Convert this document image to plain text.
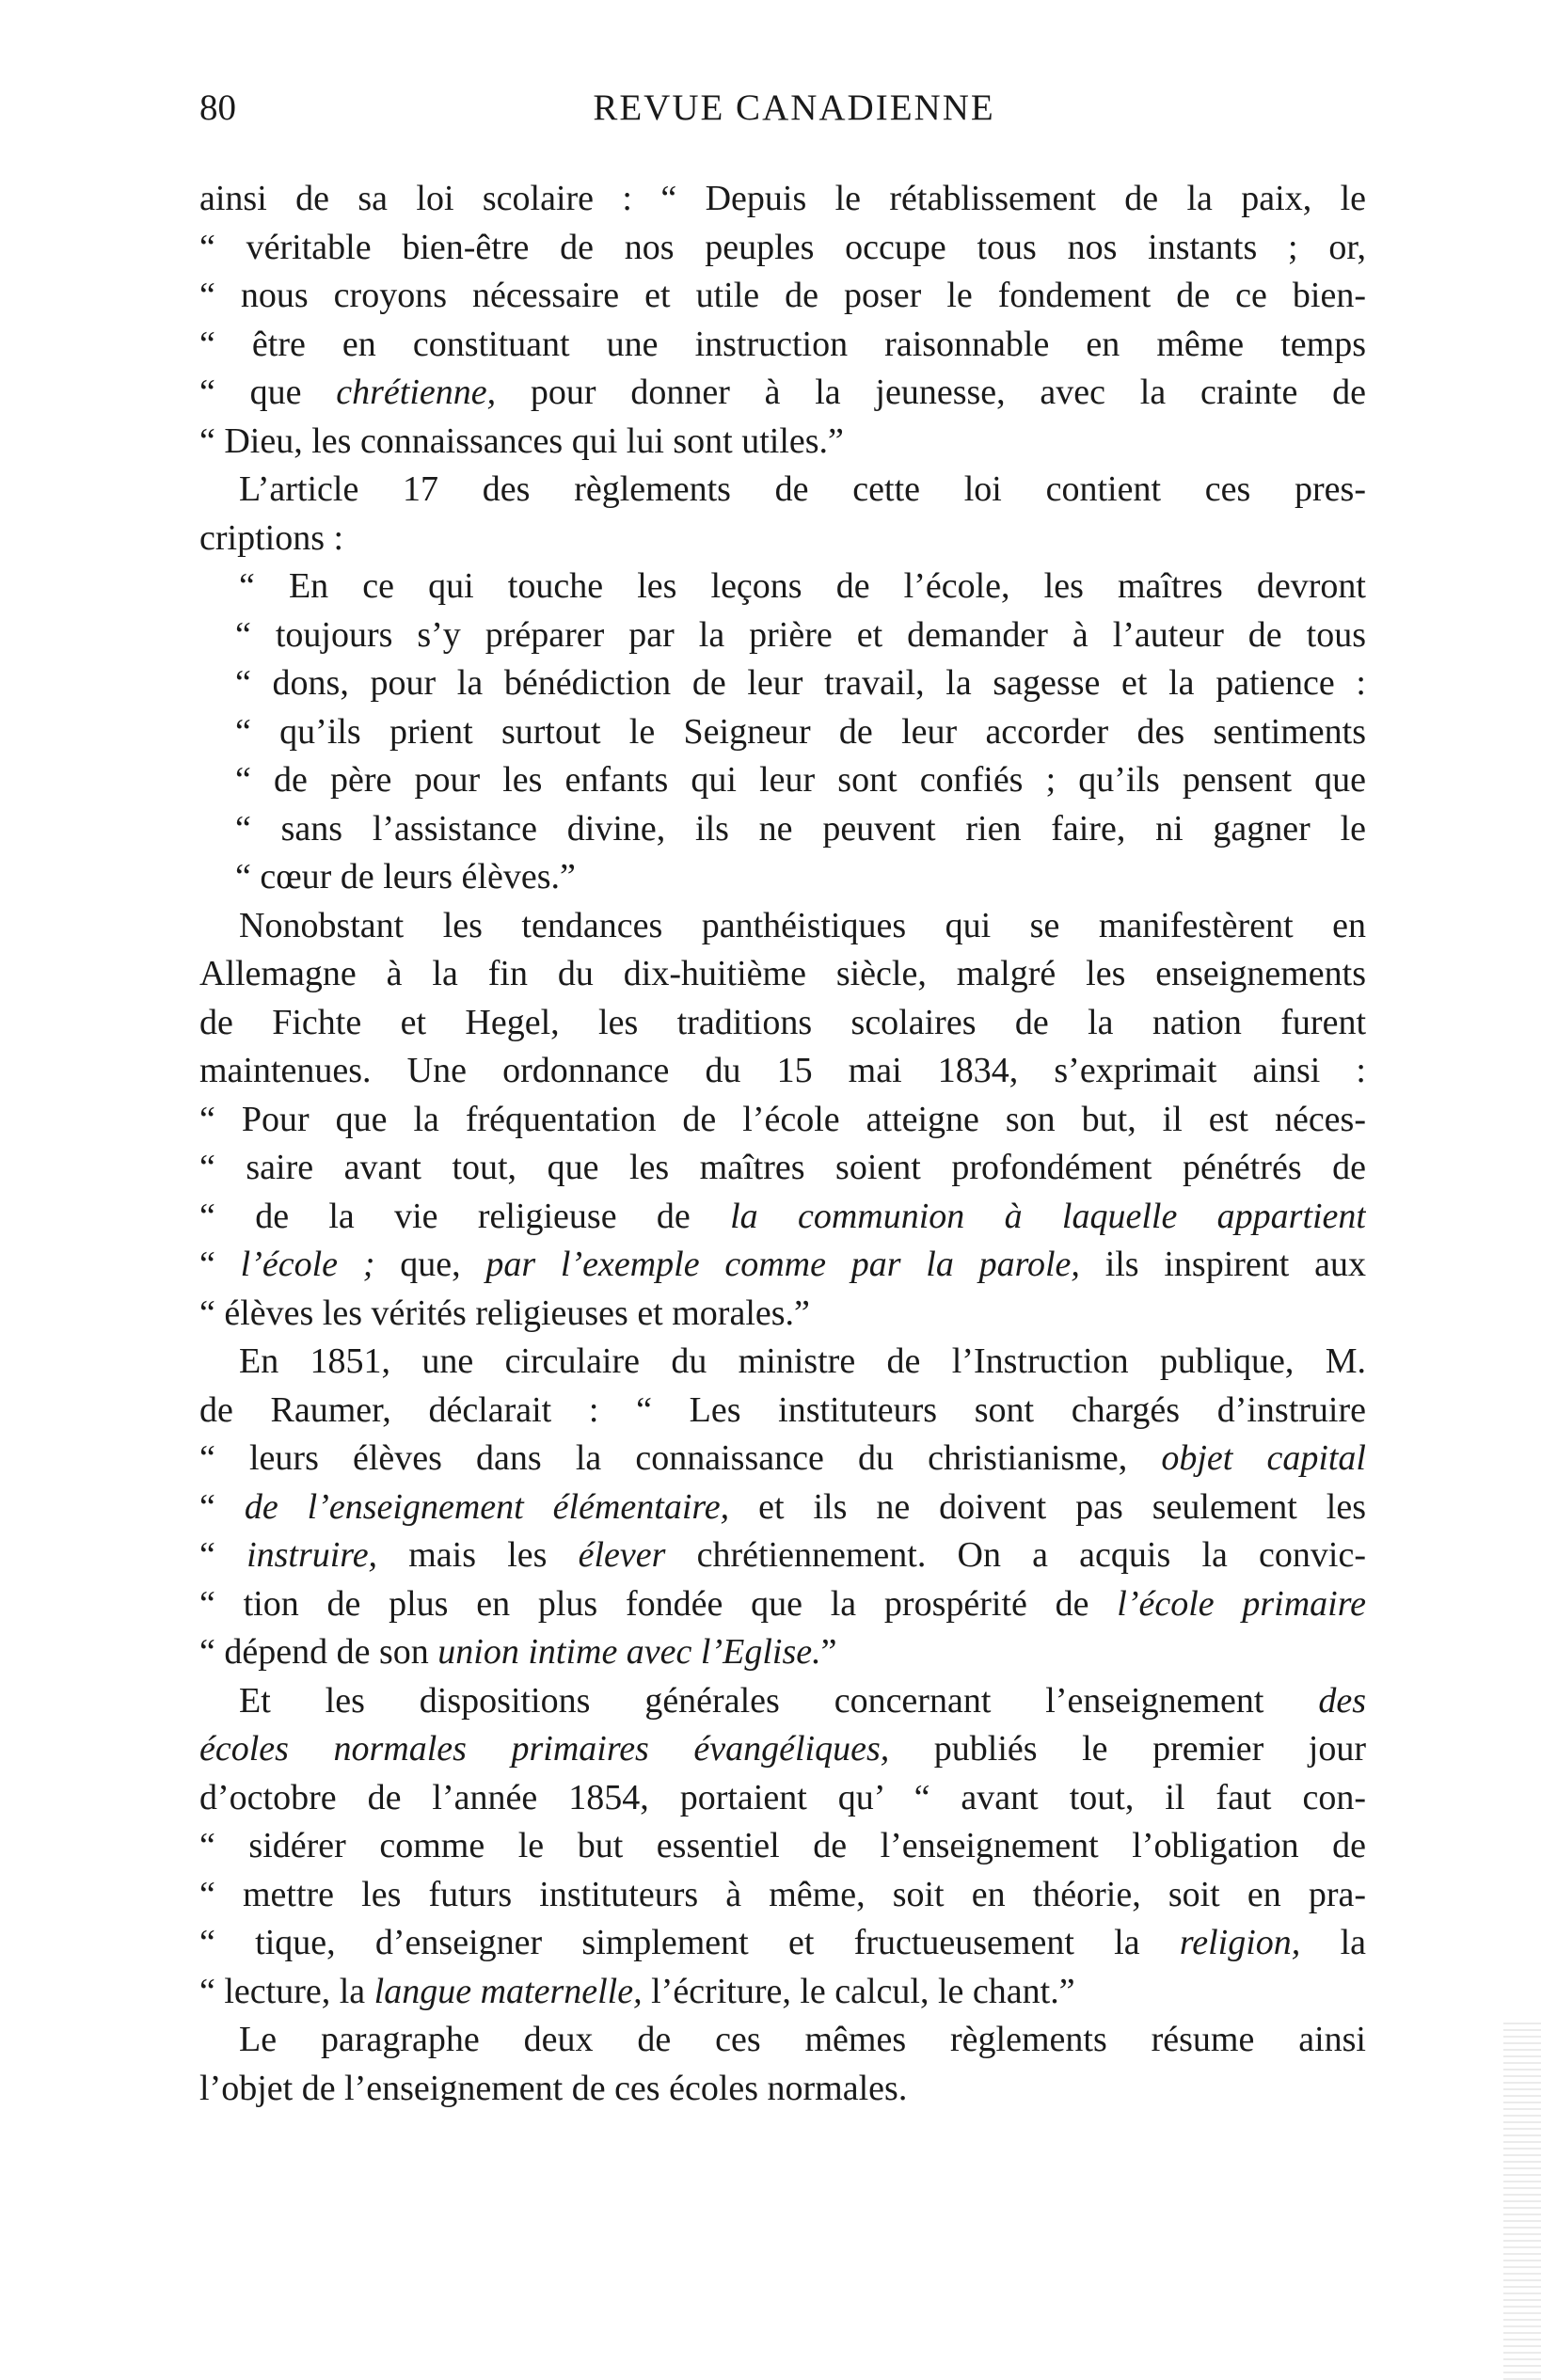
80	REVUE CANADIENNE
ainsi de sa loi scolaire : “ Depuis le rétablissement de la paix, le
“ véritable bien-être de nos peuples occupe tous nos instants ; or,
“ nous croyons nécessaire et utile de poser le fondement de ce bien-
“ être en constituant une instruction raisonnable en même temps
“ que chrétienne, pour donner à la jeunesse, avec la crainte de
“ Dieu, les connaissances qui lui sont utiles.”
L’article 17 des règlements de cette loi contient ces pres-
criptions :
“ En ce qui touche les leçons de l’école, les maîtres devront
“ toujours s’y préparer par la prière et demander à l’auteur de tous
“ dons, pour la bénédiction de leur travail, la sagesse et la patience :
“ qu’ils prient surtout le Seigneur de leur accorder des sentiments
“ de père pour les enfants qui leur sont confiés ; qu’ils pensent que
“ sans l’assistance divine, ils ne peuvent rien faire, ni gagner le
“ cœur de leurs élèves.”
Nonobstant les tendances panthéistiques qui se manifestèrent en
Allemagne à la fin du dix-huitième siècle, malgré les enseignements
de Fichte et Hegel, les traditions scolaires de la nation furent
maintenues. Une ordonnance du 15 mai 1834, s’exprimait ainsi :
“ Pour que la fréquentation de l’école atteigne son but, il est néces-
“ saire avant tout, que les maîtres soient profondément pénétrés de
“ de la vie religieuse de la communion à laquelle appartient
“ l’école ; que, par l’exemple comme par la parole, ils inspirent aux
“ élèves les vérités religieuses et morales.”
En 1851, une circulaire du ministre de l’Instruction publique, M.
de Raumer, déclarait : “ Les instituteurs sont chargés d’instruire
“ leurs élèves dans la connaissance du christianisme, objet capital
“ de l’enseignement élémentaire, et ils ne doivent pas seulement les
“ instruire, mais les élever chrétiennement. On a acquis la convic-
“ tion de plus en plus fondée que la prospérité de l’école primaire
“ dépend de son union intime avec l’Eglise.”
Et les dispositions générales concernant l’enseignement des
écoles normales primaires évangéliques, publiés le premier jour
d’octobre de l’année 1854, portaient qu’ “ avant tout, il faut con-
“ sidérer comme le but essentiel de l’enseignement l’obligation de
“ mettre les futurs instituteurs à même, soit en théorie, soit en pra-
“ tique, d’enseigner simplement et fructueusement la religion, la
“ lecture, la langue maternelle, l’écriture, le calcul, le chant.”
Le paragraphe deux de ces mêmes règlements résume ainsi
l’objet de l’enseignement de ces écoles normales.
